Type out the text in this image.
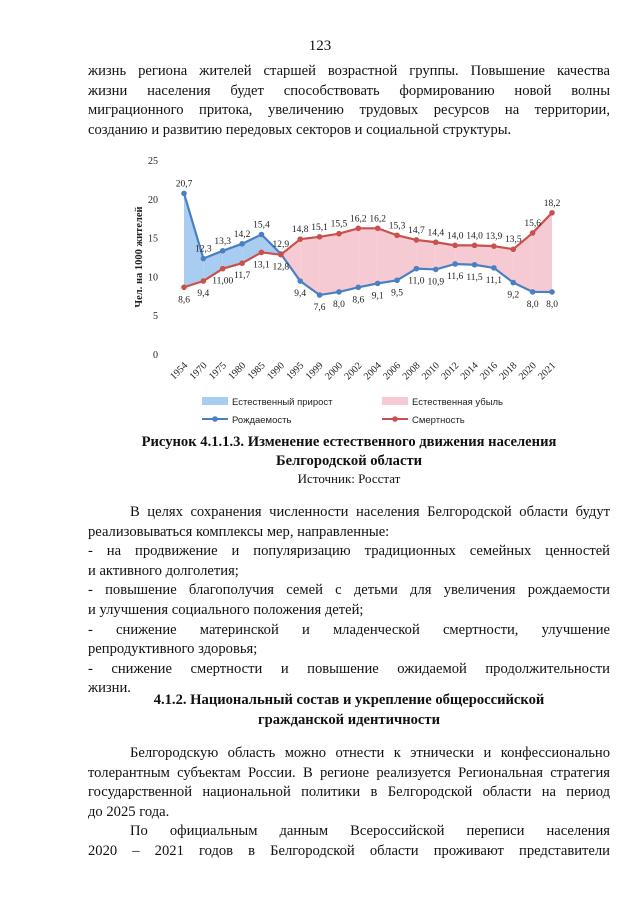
123
жизнь региона жителей старшей возрастной группы. Повышение качества
жизни населения будет способствовать формированию новой волны
миграционного притока, увеличению трудовых ресурсов на территории,
созданию и развитию передовых секторов и социальной структуры.
0
5
10
15
20
25
Чел. на 1000 жителей
20,7
8,6
12,3
9,4
13,3
11,00
14,2
11,7
15,4
13,1
12,9
12,8
9,4
14,8
7,6
15,1
8,0
15,5
8,6
16,2
9,1
16,2
9,5
15,3
11,0
14,7
10,9
14,4
11,6
14,0
11,5
14,0
11,1
13,9
9,2
13,5
8,0
15,6
8,0
18,2
1954
1970
1975
1980
1985
1990
1995
1999
2000
2002
2004
2006
2008
2010
2012
2014
2016
2018
2020
2021
Естественный прирост	Естественная убыль
Рождаемость	Смертность
Рисунок 4.1.1.3. Изменение естественного движения населения
Белгородской области
Источник: Росстат
В целях сохранения численности населения Белгородской области будут
реализовываться комплексы мер, направленные:
- на продвижение и популяризацию традиционных семейных ценностей
и активного долголетия;
- повышение благополучия семей с детьми для увеличения рождаемости
и улучшения социального положения детей;
- снижение материнской и младенческой смертности, улучшение
репродуктивного здоровья;
- снижение смертности и повышение ожидаемой продолжительности
жизни.
4.1.2. Национальный состав и укрепление общероссийской
гражданской идентичности
Белгородскую область можно отнести к этнически и конфессионально
толерантным субъектам России. В регионе реализуется Региональная стратегия
государственной национальной политики в Белгородской области на период
до 2025 года.
По официальным данным Всероссийской переписи населения
2020 – 2021 годов в Белгородской области проживают представители
